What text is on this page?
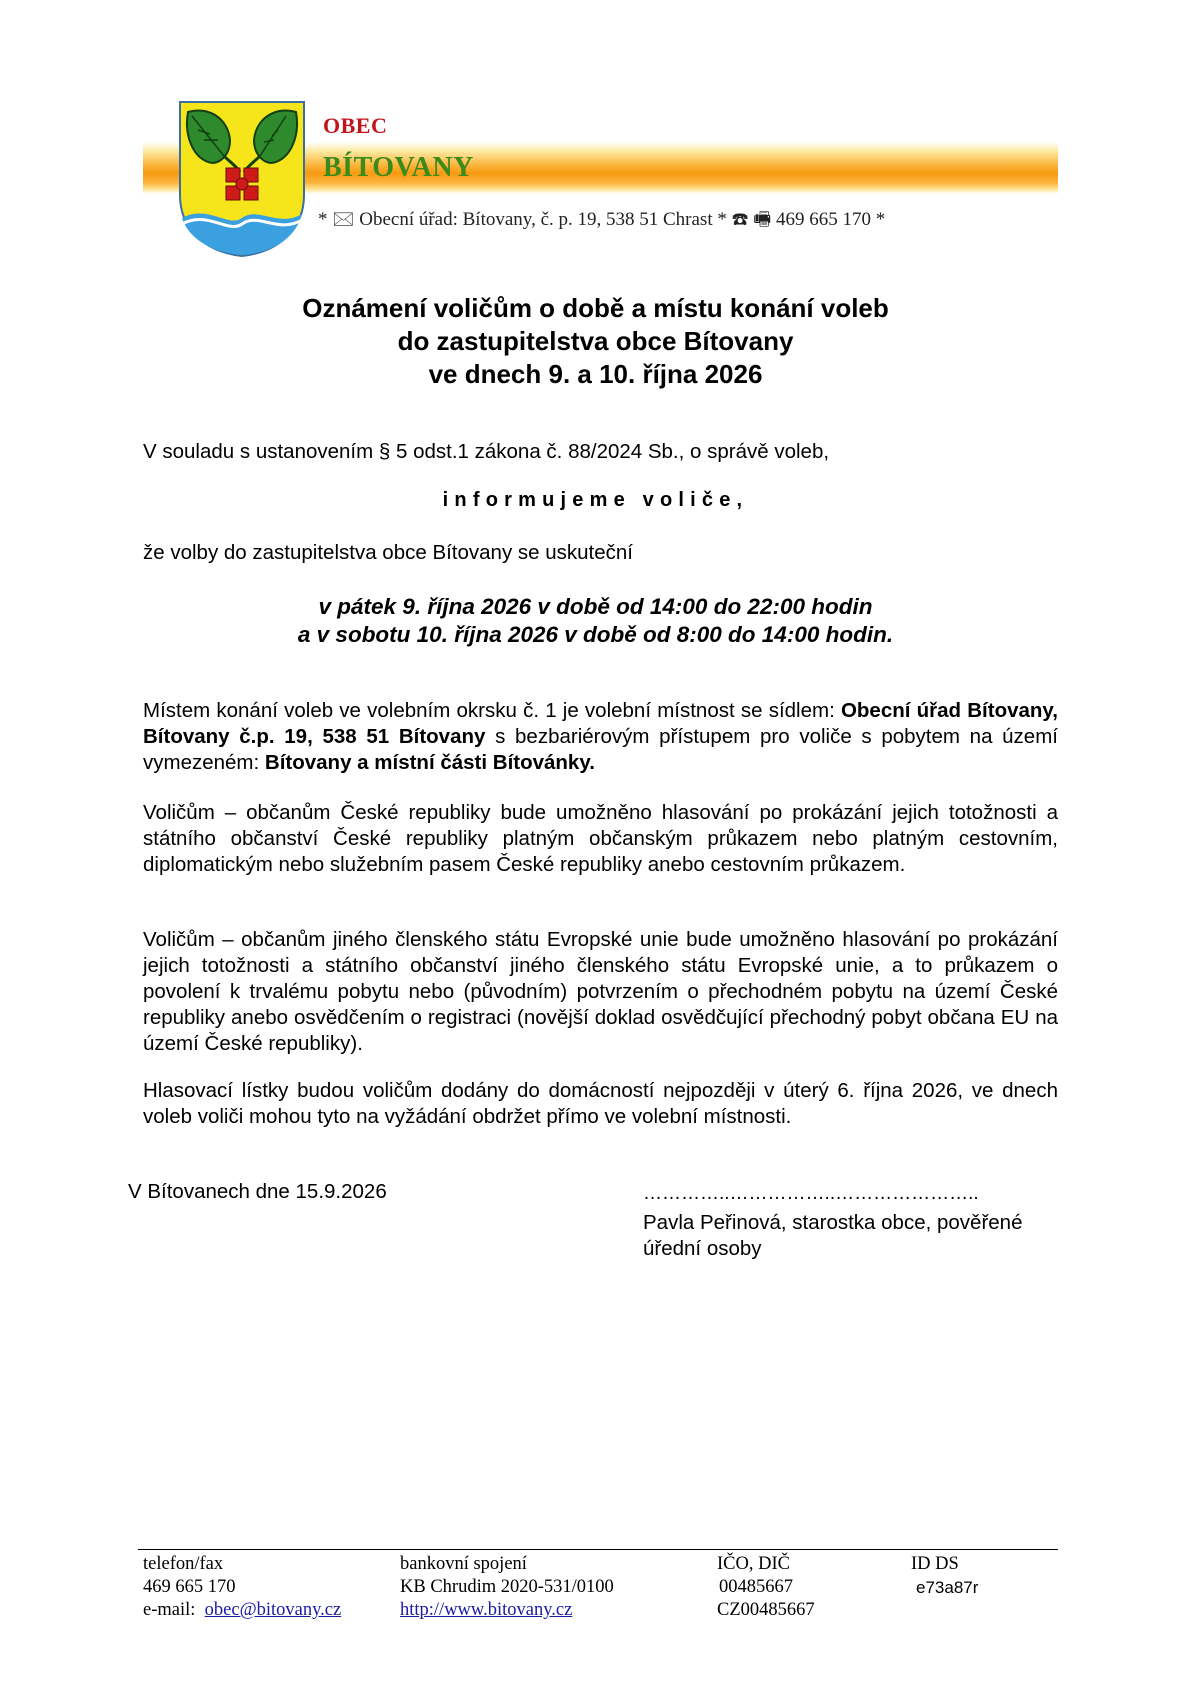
OBEC
BÍTOVANY
* 🖂 Obecní úřad: Bítovany, č. p. 19, 538 51 Chrast * ☎ 🖷 469 665 170 *
Oznámení voličům o době a místu konání voleb
do zastupitelstva obce Bítovany
ve dnech 9. a 10. října 2026
V souladu s ustanovením § 5 odst.1 zákona č. 88/2024 Sb., o správě voleb,
informujeme voliče,
že volby do zastupitelstva obce Bítovany se uskuteční
v pátek 9. října 2026 v době od 14:00 do 22:00 hodin
a v sobotu 10. října 2026 v době od 8:00 do 14:00 hodin.
Místem konání voleb ve volebním okrsku č. 1 je volební místnost se sídlem: Obecní úřad Bítovany, Bítovany č.p. 19, 538 51 Bítovany s bezbariérovým přístupem pro voliče s pobytem na území vymezeném: Bítovany a místní části Bítovánky.
Voličům – občanům České republiky bude umožněno hlasování po prokázání jejich totožnosti a státního občanství České republiky platným občanským průkazem nebo platným cestovním, diplomatickým nebo služebním pasem České republiky anebo cestovním průkazem.
Voličům – občanům jiného členského státu Evropské unie bude umožněno hlasování po prokázání jejich totožnosti a státního občanství jiného členského státu Evropské unie, a to průkazem o povolení k trvalému pobytu nebo (původním) potvrzením o přechodném pobytu na území České republiky anebo osvědčením o registraci (novější doklad osvědčující přechodný pobyt občana EU na území České republiky).
Hlasovací lístky budou voličům dodány do domácností nejpozději v úterý 6. října 2026, ve dnech voleb voliči mohou tyto na vyžádání obdržet přímo ve volební místnosti.
V Bítovanech dne 15.9.2026	…………..……………..…………………..
Pavla Peřinová, starostka obce, pověřené úřední osoby
telefon/fax
469 665 170
e-mail: obec@bitovany.cz
bankovní spojení
KB Chrudim 2020-531/0100
http://www.bitovany.cz
IČO, DIČ
00485667
CZ00485667
ID DS
e73a87r
